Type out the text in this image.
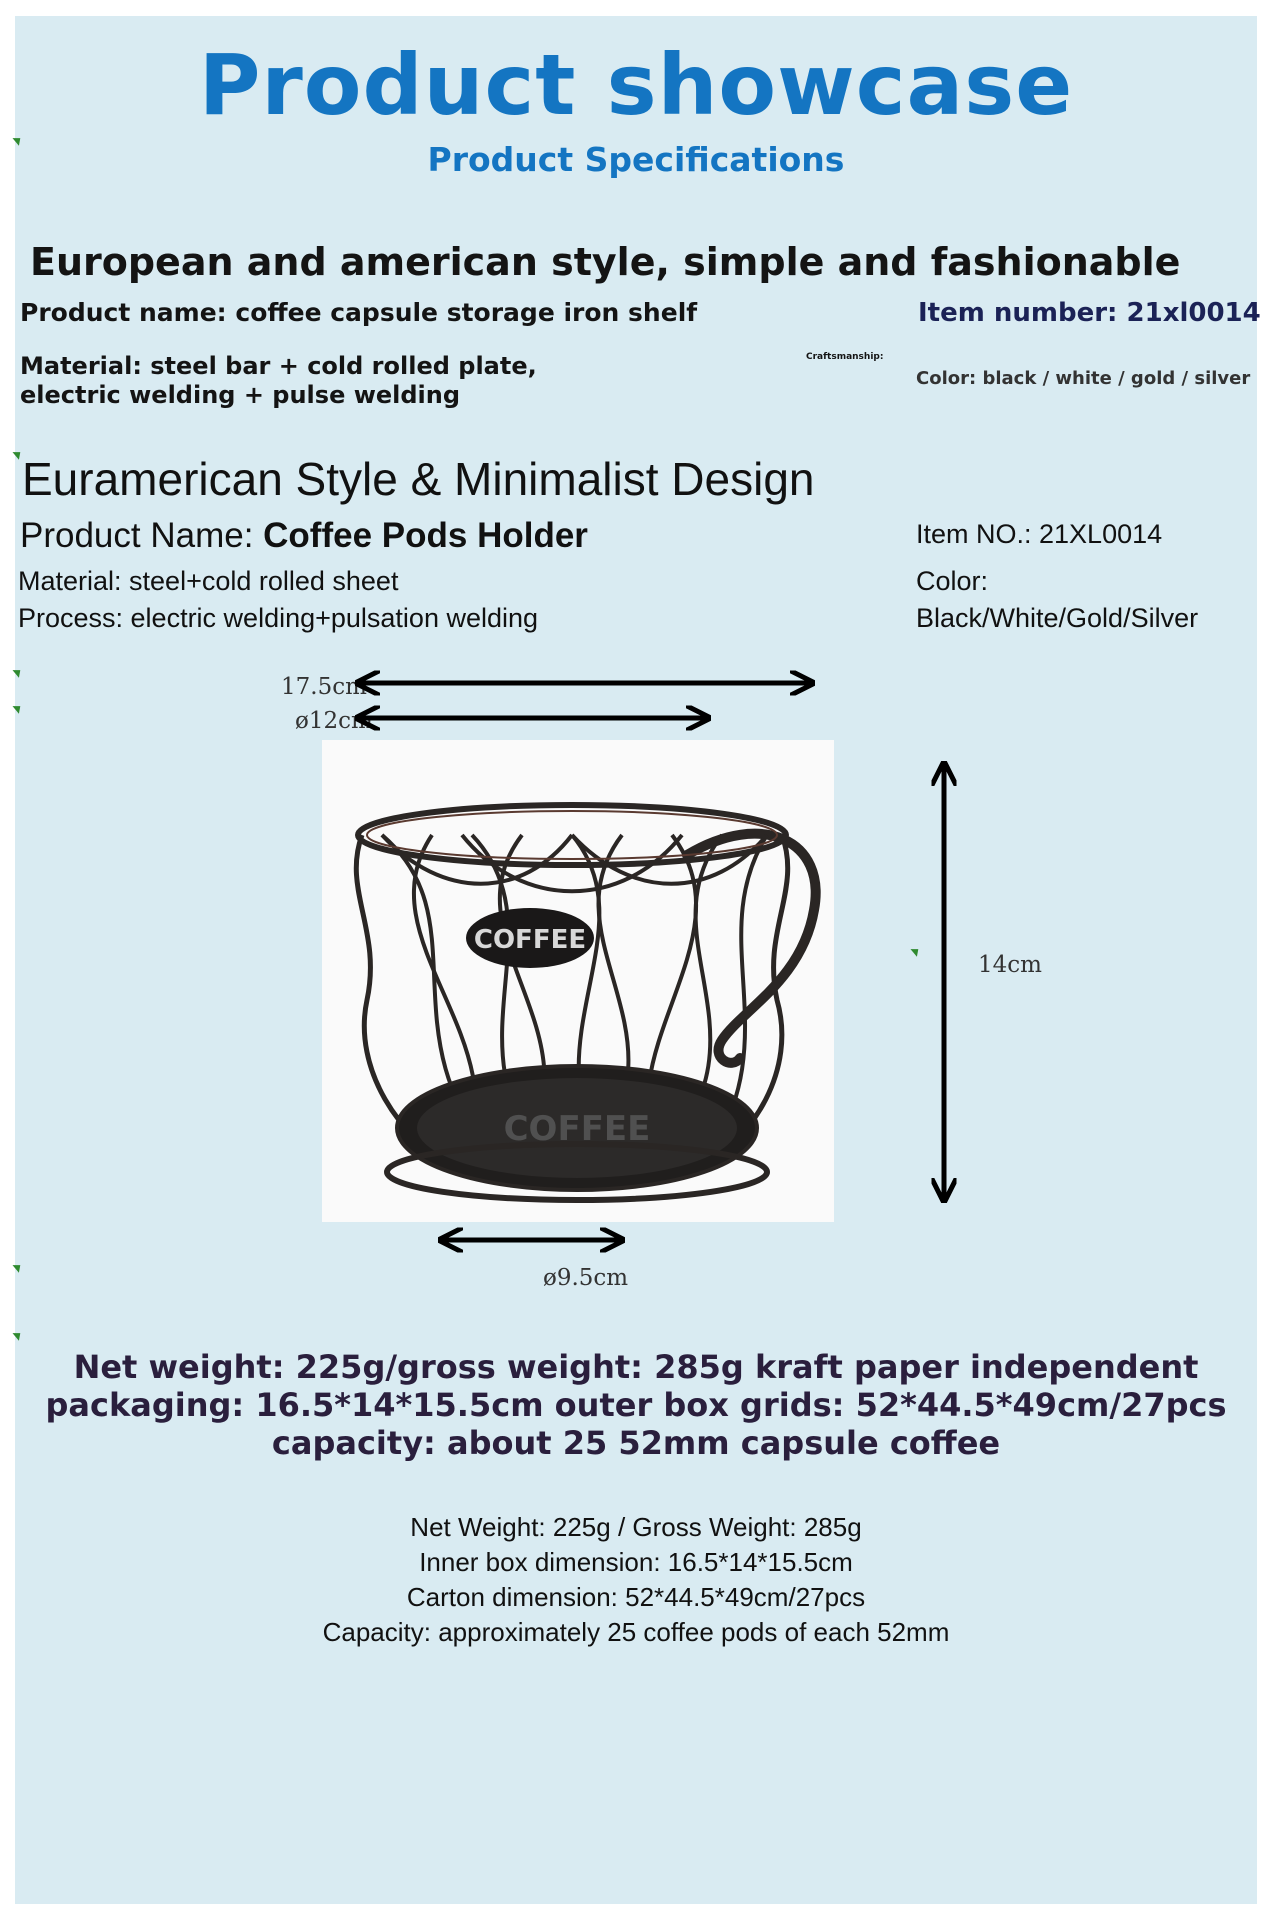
Product showcase
Product Specifications
European and american style, simple and fashionable
Product name: coffee capsule storage iron shelf	Item number: 21xl0014
Material: steel bar + cold rolled plate,
electric welding + pulse welding
Craftsmanship:
Color: black / white / gold / silver
Euramerican Style & Minimalist Design
Product Name: Coffee Pods Holder	Item NO.: 21XL0014
Material: steel+cold rolled sheet
Process: electric welding+pulsation welding
Color:
Black/White/Gold/Silver
17.5cm
ø12cm
14cm
ø9.5cm
COFFEE
COFFEE
Net weight: 225g/gross weight: 285g kraft paper independent
packaging: 16.5*14*15.5cm outer box grids: 52*44.5*49cm/27pcs
capacity: about 25 52mm capsule coffee
Net Weight: 225g / Gross Weight: 285g
Inner box dimension: 16.5*14*15.5cm
Carton dimension: 52*44.5*49cm/27pcs
Capacity: approximately 25 coffee pods of each 52mm
